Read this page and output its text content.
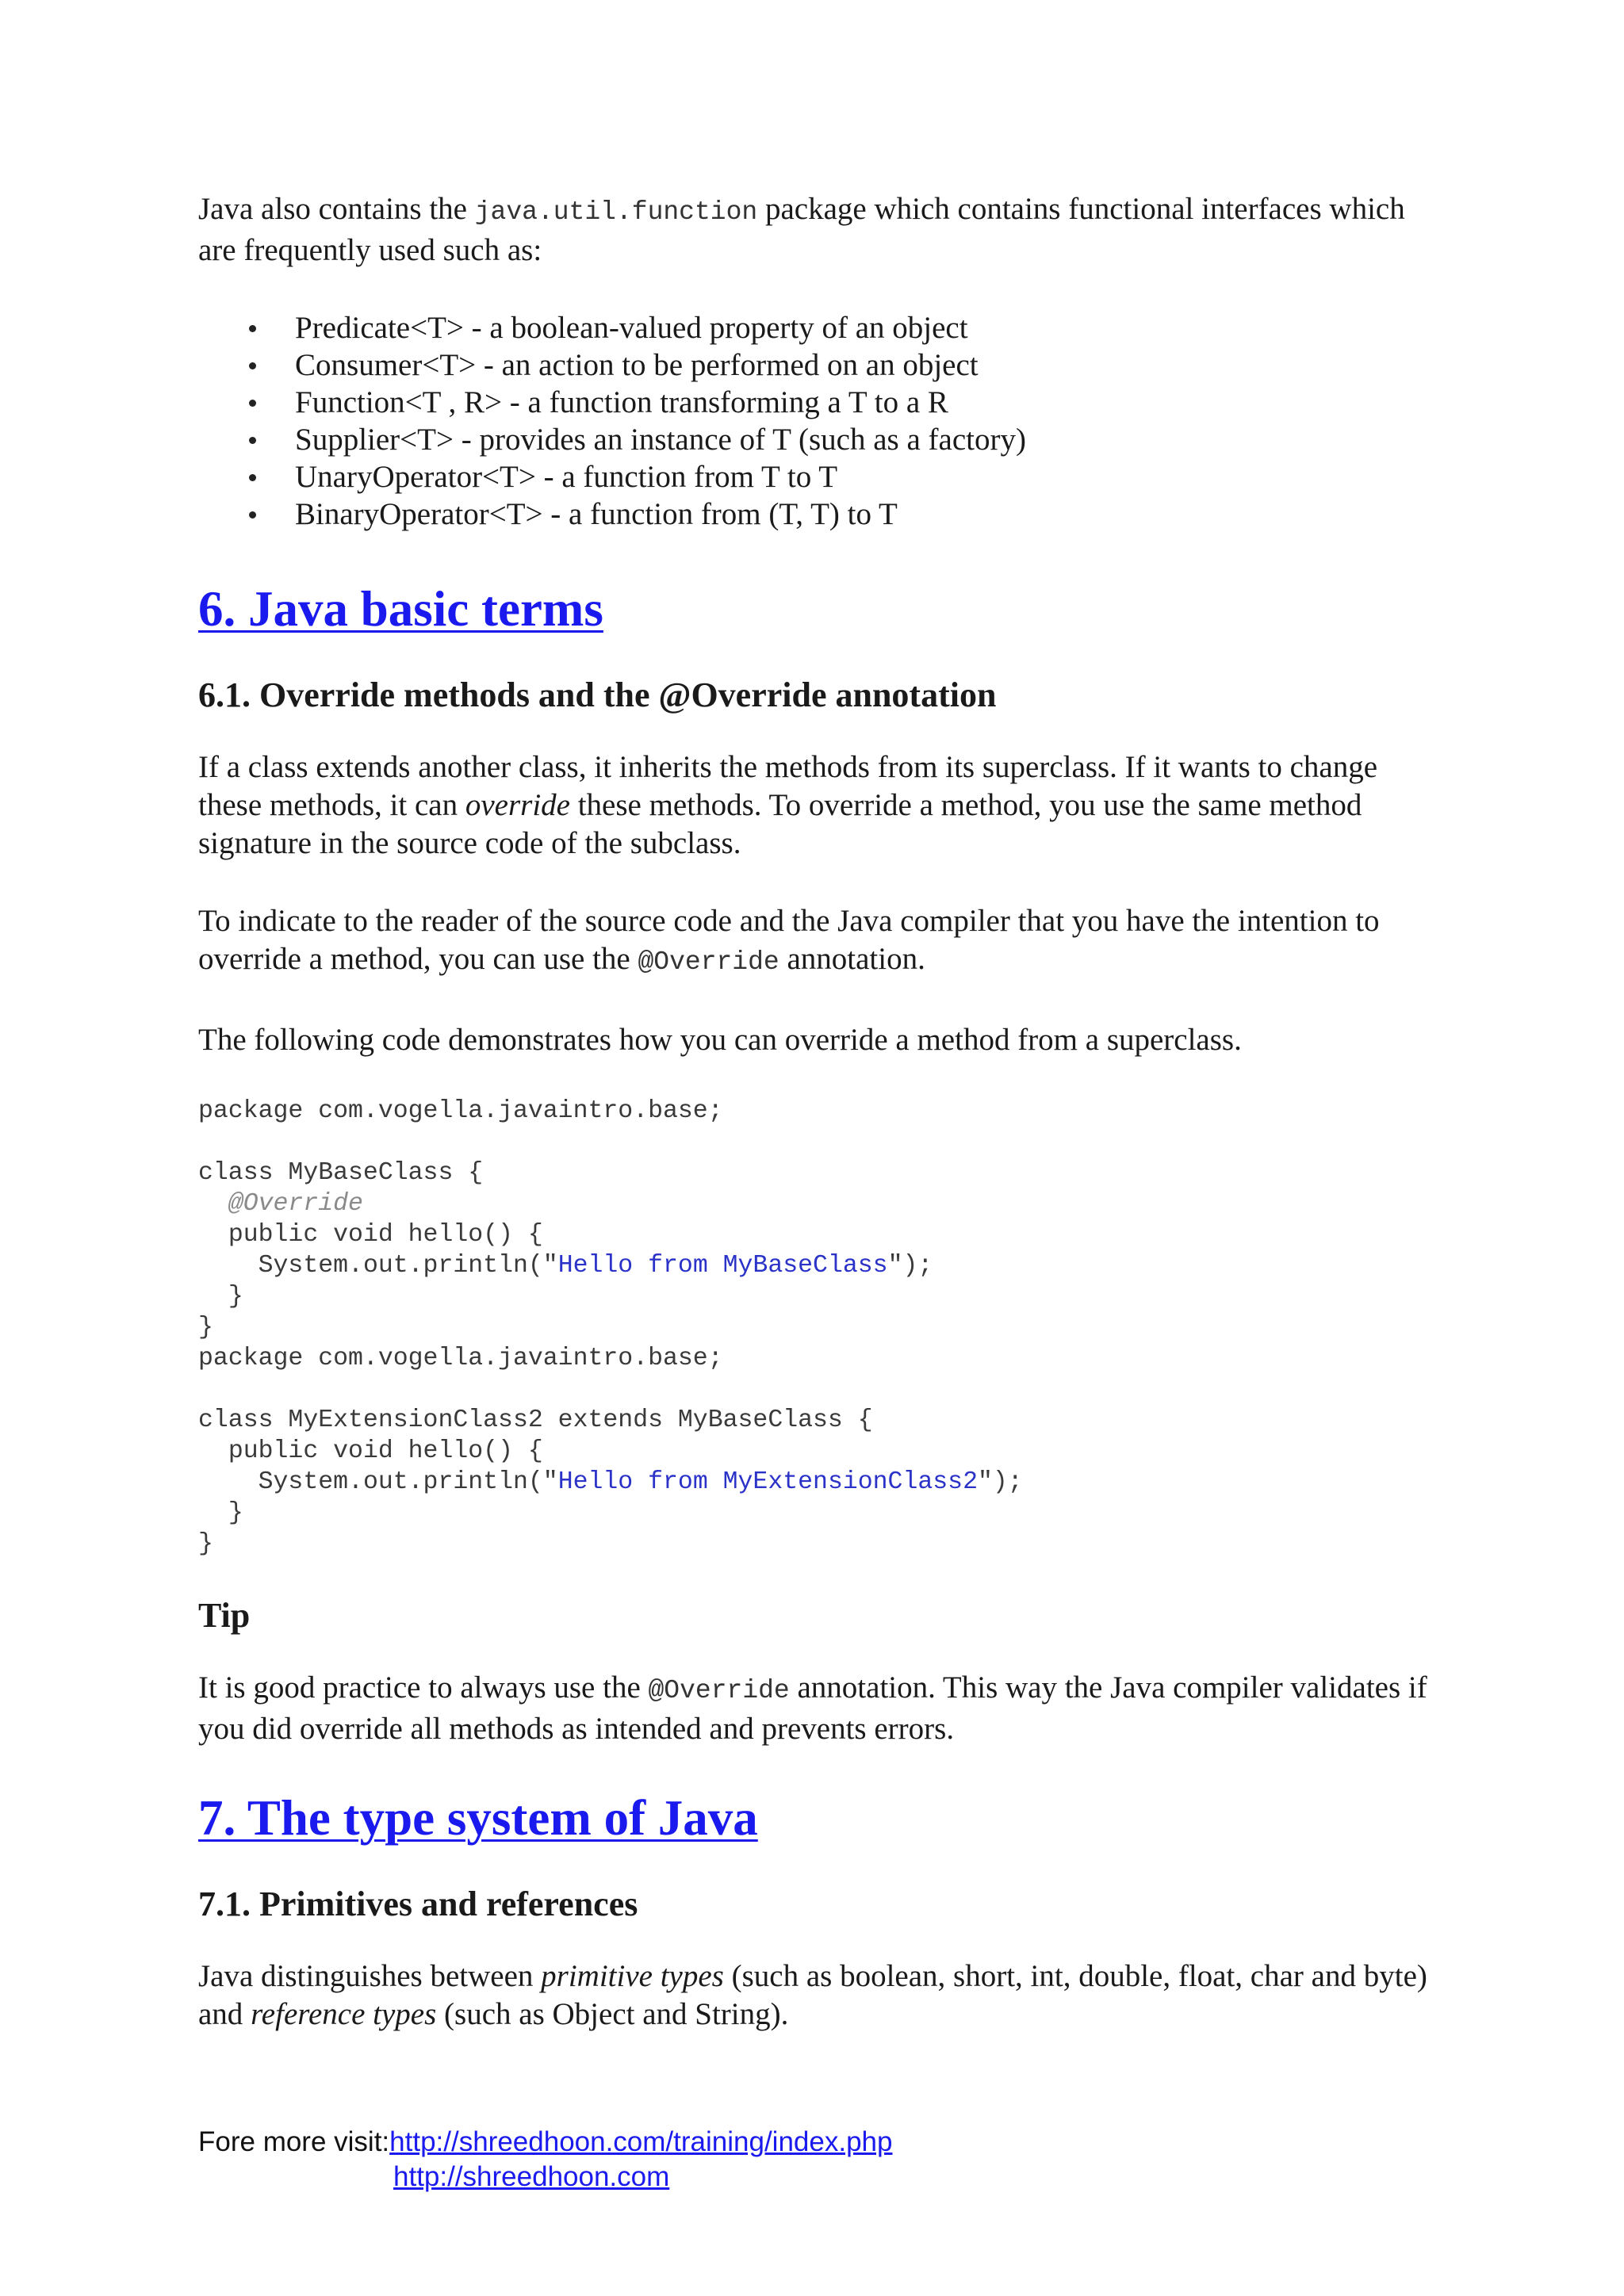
Java also contains the java.util.function package which contains functional interfaces which are frequently used such as:

Predicate<T> - a boolean-valued property of an object
Consumer<T> - an action to be performed on an object
Function<T , R> - a function transforming a T to a R
Supplier<T> - provides an instance of T (such as a factory)
UnaryOperator<T> - a function from T to T
BinaryOperator<T> - a function from (T, T) to T
6. Java basic terms
6.1. Override methods and the @Override annotation

If a class extends another class, it inherits the methods from its superclass. If it wants to change these methods, it can override these methods. To override a method, you use the same method signature in the source code of the subclass.

To indicate to the reader of the source code and the Java compiler that you have the intention to override a method, you can use the @Override annotation.

The following code demonstrates how you can override a method from a superclass.

package com.vogella.javaintro.base;
class MyBaseClass {
@Override
public void hello() {
System.out.println("Hello from MyBaseClass");
}
}
package com.vogella.javaintro.base;
class MyExtensionClass2 extends MyBaseClass {
public void hello() {
System.out.println("Hello from MyExtensionClass2");
}
}
Tip

It is good practice to always use the @Override annotation. This way the Java compiler validates if you did override all methods as intended and prevents errors.

7. The type system of Java
7.1. Primitives and references

Java distinguishes between primitive types (such as boolean, short, int, double, float, char and byte) and reference types (such as Object and String).

Fore more visit:http://shreedhoon.com/training/index.php
http://shreedhoon.com
